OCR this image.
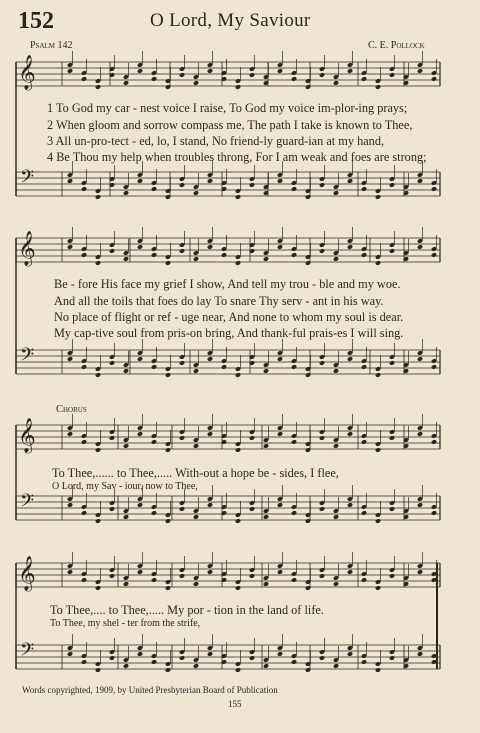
152	O Lord, My Saviour
Psalm 142	C. E. Pollock
𝄞
𝄢
𝄞
𝄢
𝄞
𝄢
𝄞
𝄢
1 To God my car - nest voice I raise, To God my voice im-plor-ing prays;
2 When gloom and sorrow compass me, The path I take is known to Thee,
3 All un-pro-tect - ed, lo, I stand, No friend-ly guard-ian at my hand,
4 Be Thou my help when troubles throng, For I am weak and foes are strong;
Be - fore His face my grief I show, And tell my trou - ble and my woe.
And all the toils that foes do lay To snare Thy serv - ant in his way.
No place of flight or ref - uge near, And none to whom my soul is dear.
My cap-tive soul from pris-on bring, And thank-ful prais-es I will sing.
Chorus
To Thee,...... to Thee,..... With-out a hope be - sides, I flee,
O Lord, my Sav - iour, now to Thee,
To Thee,.... to Thee,..... My por - tion in the land of life.
To Thee, my shel - ter from the strife,
Words copyrighted, 1909, by United Presbyterian Board of Publication
155
